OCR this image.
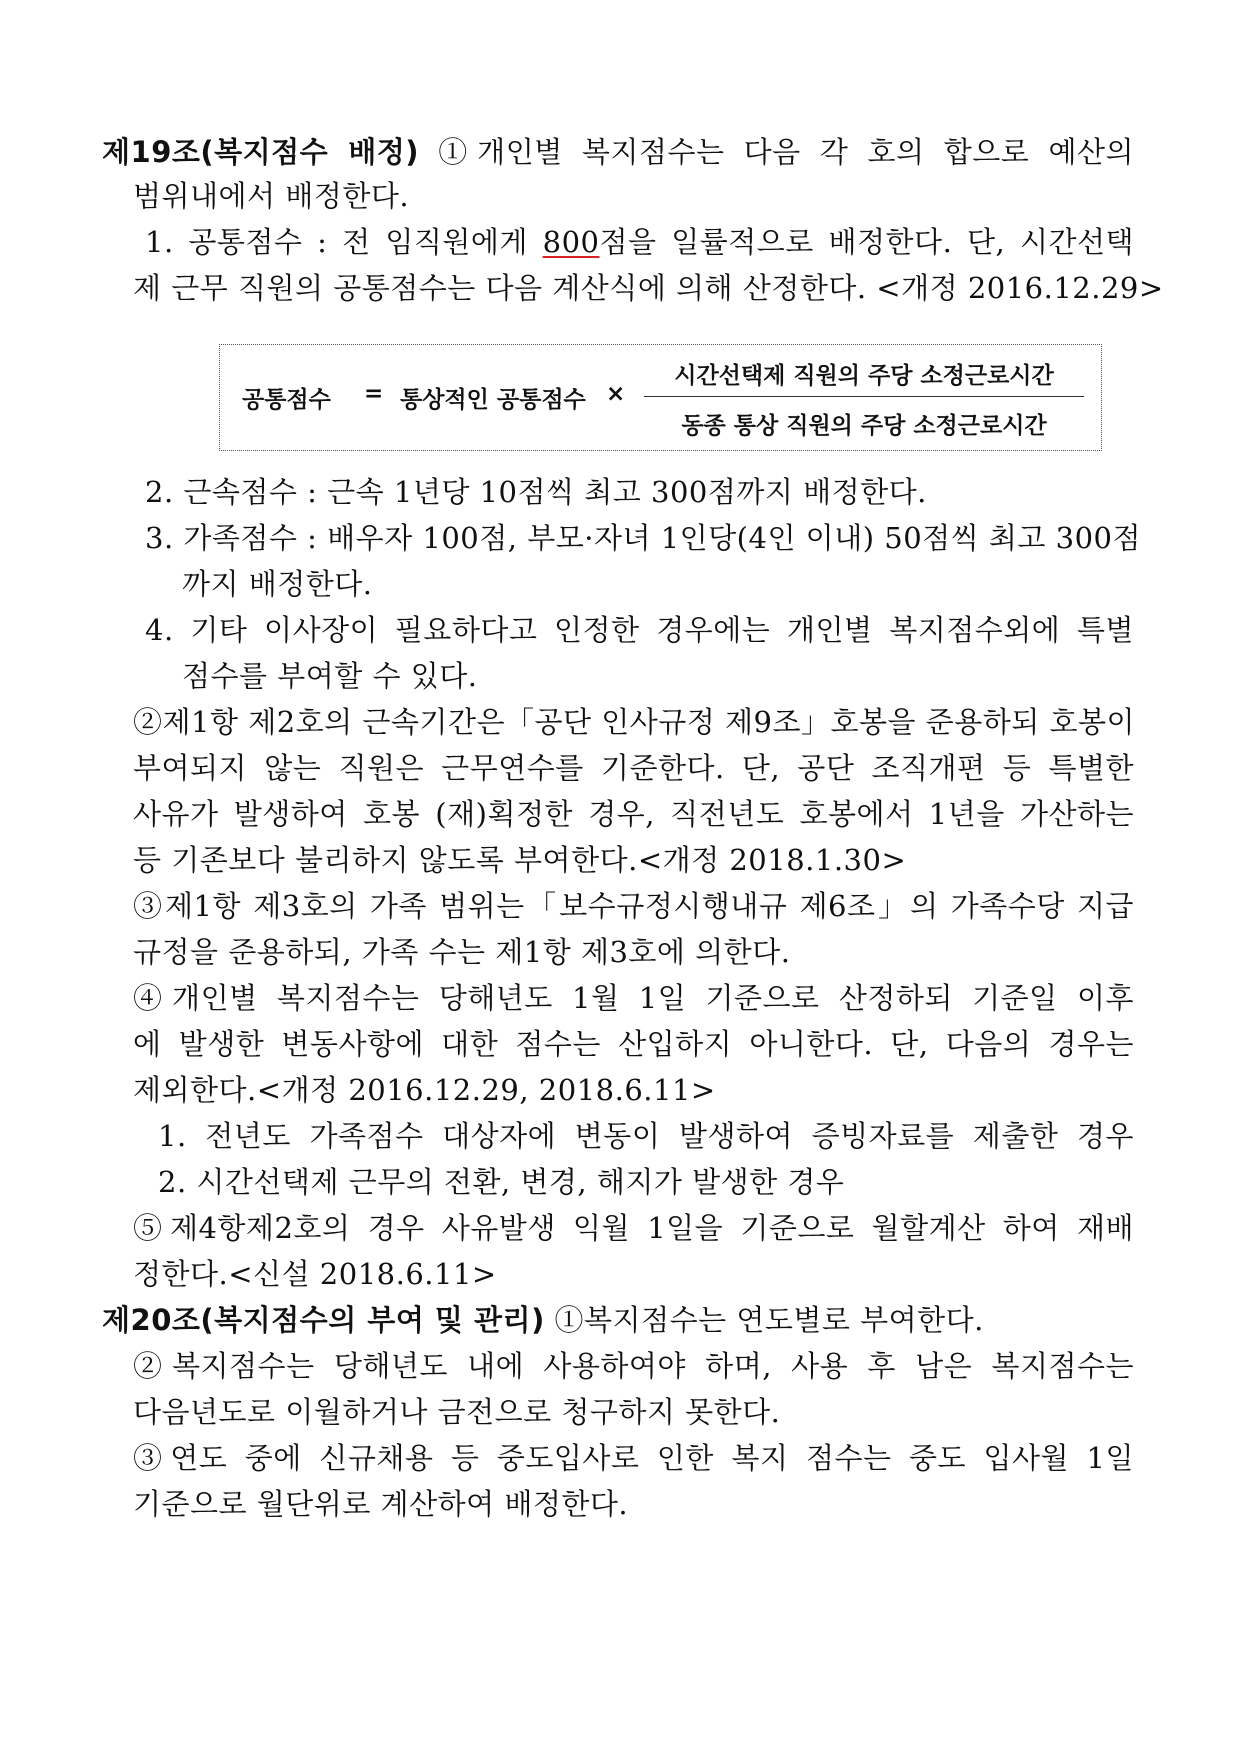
제19조(복지점수 배정) ①개인별 복지점수는 다음 각 호의 합으로 예산의
범위내에서 배정한다.
1. 공통점수 : 전 임직원에게 800점을 일률적으로 배정한다. 단, 시간선택
제 근무 직원의 공통점수는 다음 계산식에 의해 산정한다. <개정 2016.12.29>
공통점수 = 통상적인 공통점수 ×
시간선택제 직원의 주당 소정근로시간
동종 통상 직원의 주당 소정근로시간
2. 근속점수 : 근속 1년당 10점씩 최고 300점까지 배정한다.
3. 가족점수 : 배우자 100점, 부모·자녀 1인당(4인 이내) 50점씩 최고 300점
까지 배정한다.
4. 기타 이사장이 필요하다고 인정한 경우에는 개인별 복지점수외에 특별
점수를 부여할 수 있다.
②제1항 제2호의 근속기간은「공단 인사규정 제9조」호봉을 준용하되 호봉이
부여되지 않는 직원은 근무연수를 기준한다. 단, 공단 조직개편 등 특별한
사유가 발생하여 호봉 (재)획정한 경우, 직전년도 호봉에서 1년을 가산하는
등 기존보다 불리하지 않도록 부여한다.<개정 2018.1.30>
③제1항 제3호의 가족 범위는「보수규정시행내규 제6조」의 가족수당 지급
규정을 준용하되, 가족 수는 제1항 제3호에 의한다.
④개인별 복지점수는 당해년도 1월 1일 기준으로 산정하되 기준일 이후
에 발생한 변동사항에 대한 점수는 산입하지 아니한다. 단, 다음의 경우는
제외한다.<개정 2016.12.29, 2018.6.11>
1. 전년도 가족점수 대상자에 변동이 발생하여 증빙자료를 제출한 경우
2. 시간선택제 근무의 전환, 변경, 해지가 발생한 경우
⑤제4항제2호의 경우 사유발생 익월 1일을 기준으로 월할계산 하여 재배
정한다.<신설 2018.6.11>
제20조(복지점수의 부여 및 관리) ①복지점수는 연도별로 부여한다.
②복지점수는 당해년도 내에 사용하여야 하며, 사용 후 남은 복지점수는
다음년도로 이월하거나 금전으로 청구하지 못한다.
③연도 중에 신규채용 등 중도입사로 인한 복지 점수는 중도 입사월 1일
기준으로 월단위로 계산하여 배정한다.
